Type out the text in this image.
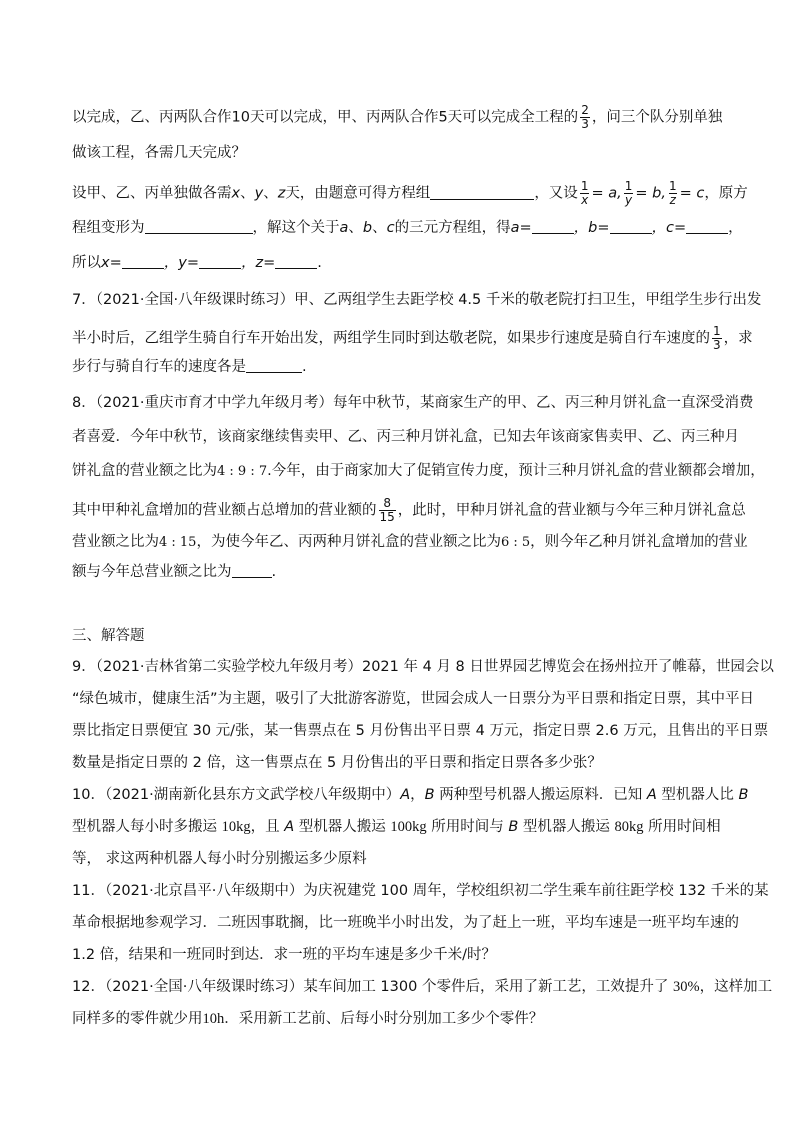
以完成，乙、丙两队合作10天可以完成，甲、丙两队合作5天可以完成全工程的 $\frac{2}{3}$ ，问三个队分别单独
做该工程，各需几天完成？
设甲、乙、丙单独做各需x、y、z天，由题意可得方程组	，又设 $\frac{1}{x} = a$, $\frac{1}{y} = b$, $\frac{1}{z} = c$，原方
程组变形为	，解这个关于a、b、c的三元方程组，得a=	，b=	，c=	，
所以x=	，y=	，z=	.
7．（2021·全国·八年级课时练习）甲、乙两组学生去距学校 4.5 千米的敬老院打扫卫生，甲组学生步行出发
半小时后，乙组学生骑自行车开始出发，两组学生同时到达敬老院，如果步行速度是骑自行车速度的 $\frac{1}{3}$ ，求
步行与骑自行车的速度各是	.
8．（2021·重庆市育才中学九年级月考）每年中秋节，某商家生产的甲、乙、丙三种月饼礼盒一直深受消费
者喜爱．今年中秋节，该商家继续售卖甲、乙、丙三种月饼礼盒，已知去年该商家售卖甲、乙、丙三种月
饼礼盒的营业额之比为4 : 9 : 7.今年，由于商家加大了促销宣传力度，预计三种月饼礼盒的营业额都会增加，
其中甲种礼盒增加的营业额占总增加的营业额的 $\frac{8}{15}$ ，此时，甲种月饼礼盒的营业额与今年三种月饼礼盒总
营业额之比为4 : 15，为使今年乙、丙两种月饼礼盒的营业额之比为6 : 5，则今年乙种月饼礼盒增加的营业
额与今年总营业额之比为	.
三、解答题
9．（2021·吉林省第二实验学校九年级月考）2021 年 4 月 8 日世界园艺博览会在扬州拉开了帷幕，世园会以
“绿色城市，健康生活”为主题，吸引了大批游客游览，世园会成人一日票分为平日票和指定日票，其中平日
票比指定日票便宜 30 元/张，某一售票点在 5 月份售出平日票 4 万元，指定日票 2.6 万元，且售出的平日票
数量是指定日票的 2 倍，这一售票点在 5 月份售出的平日票和指定日票各多少张？
10．（2021·湖南新化县东方文武学校八年级期中）A，B 两种型号机器人搬运原料．已知 A 型机器人比 B
型机器人每小时多搬运 10kg，且 A 型机器人搬运 100kg 所用时间与 B 型机器人搬运 80kg 所用时间相
等， 求这两种机器人每小时分别搬运多少原料
11．（2021·北京昌平·八年级期中）为庆祝建党 100 周年，学校组织初二学生乘车前往距学校 132 千米的某
革命根据地参观学习．二班因事耽搁，比一班晚半小时出发，为了赶上一班，平均车速是一班平均车速的
1.2 倍，结果和一班同时到达．求一班的平均车速是多少千米/时？
12．（2021·全国·八年级课时练习）某车间加工 1300 个零件后，采用了新工艺，工效提升了 30%，这样加工
同样多的零件就少用10h．采用新工艺前、后每小时分别加工多少个零件？
